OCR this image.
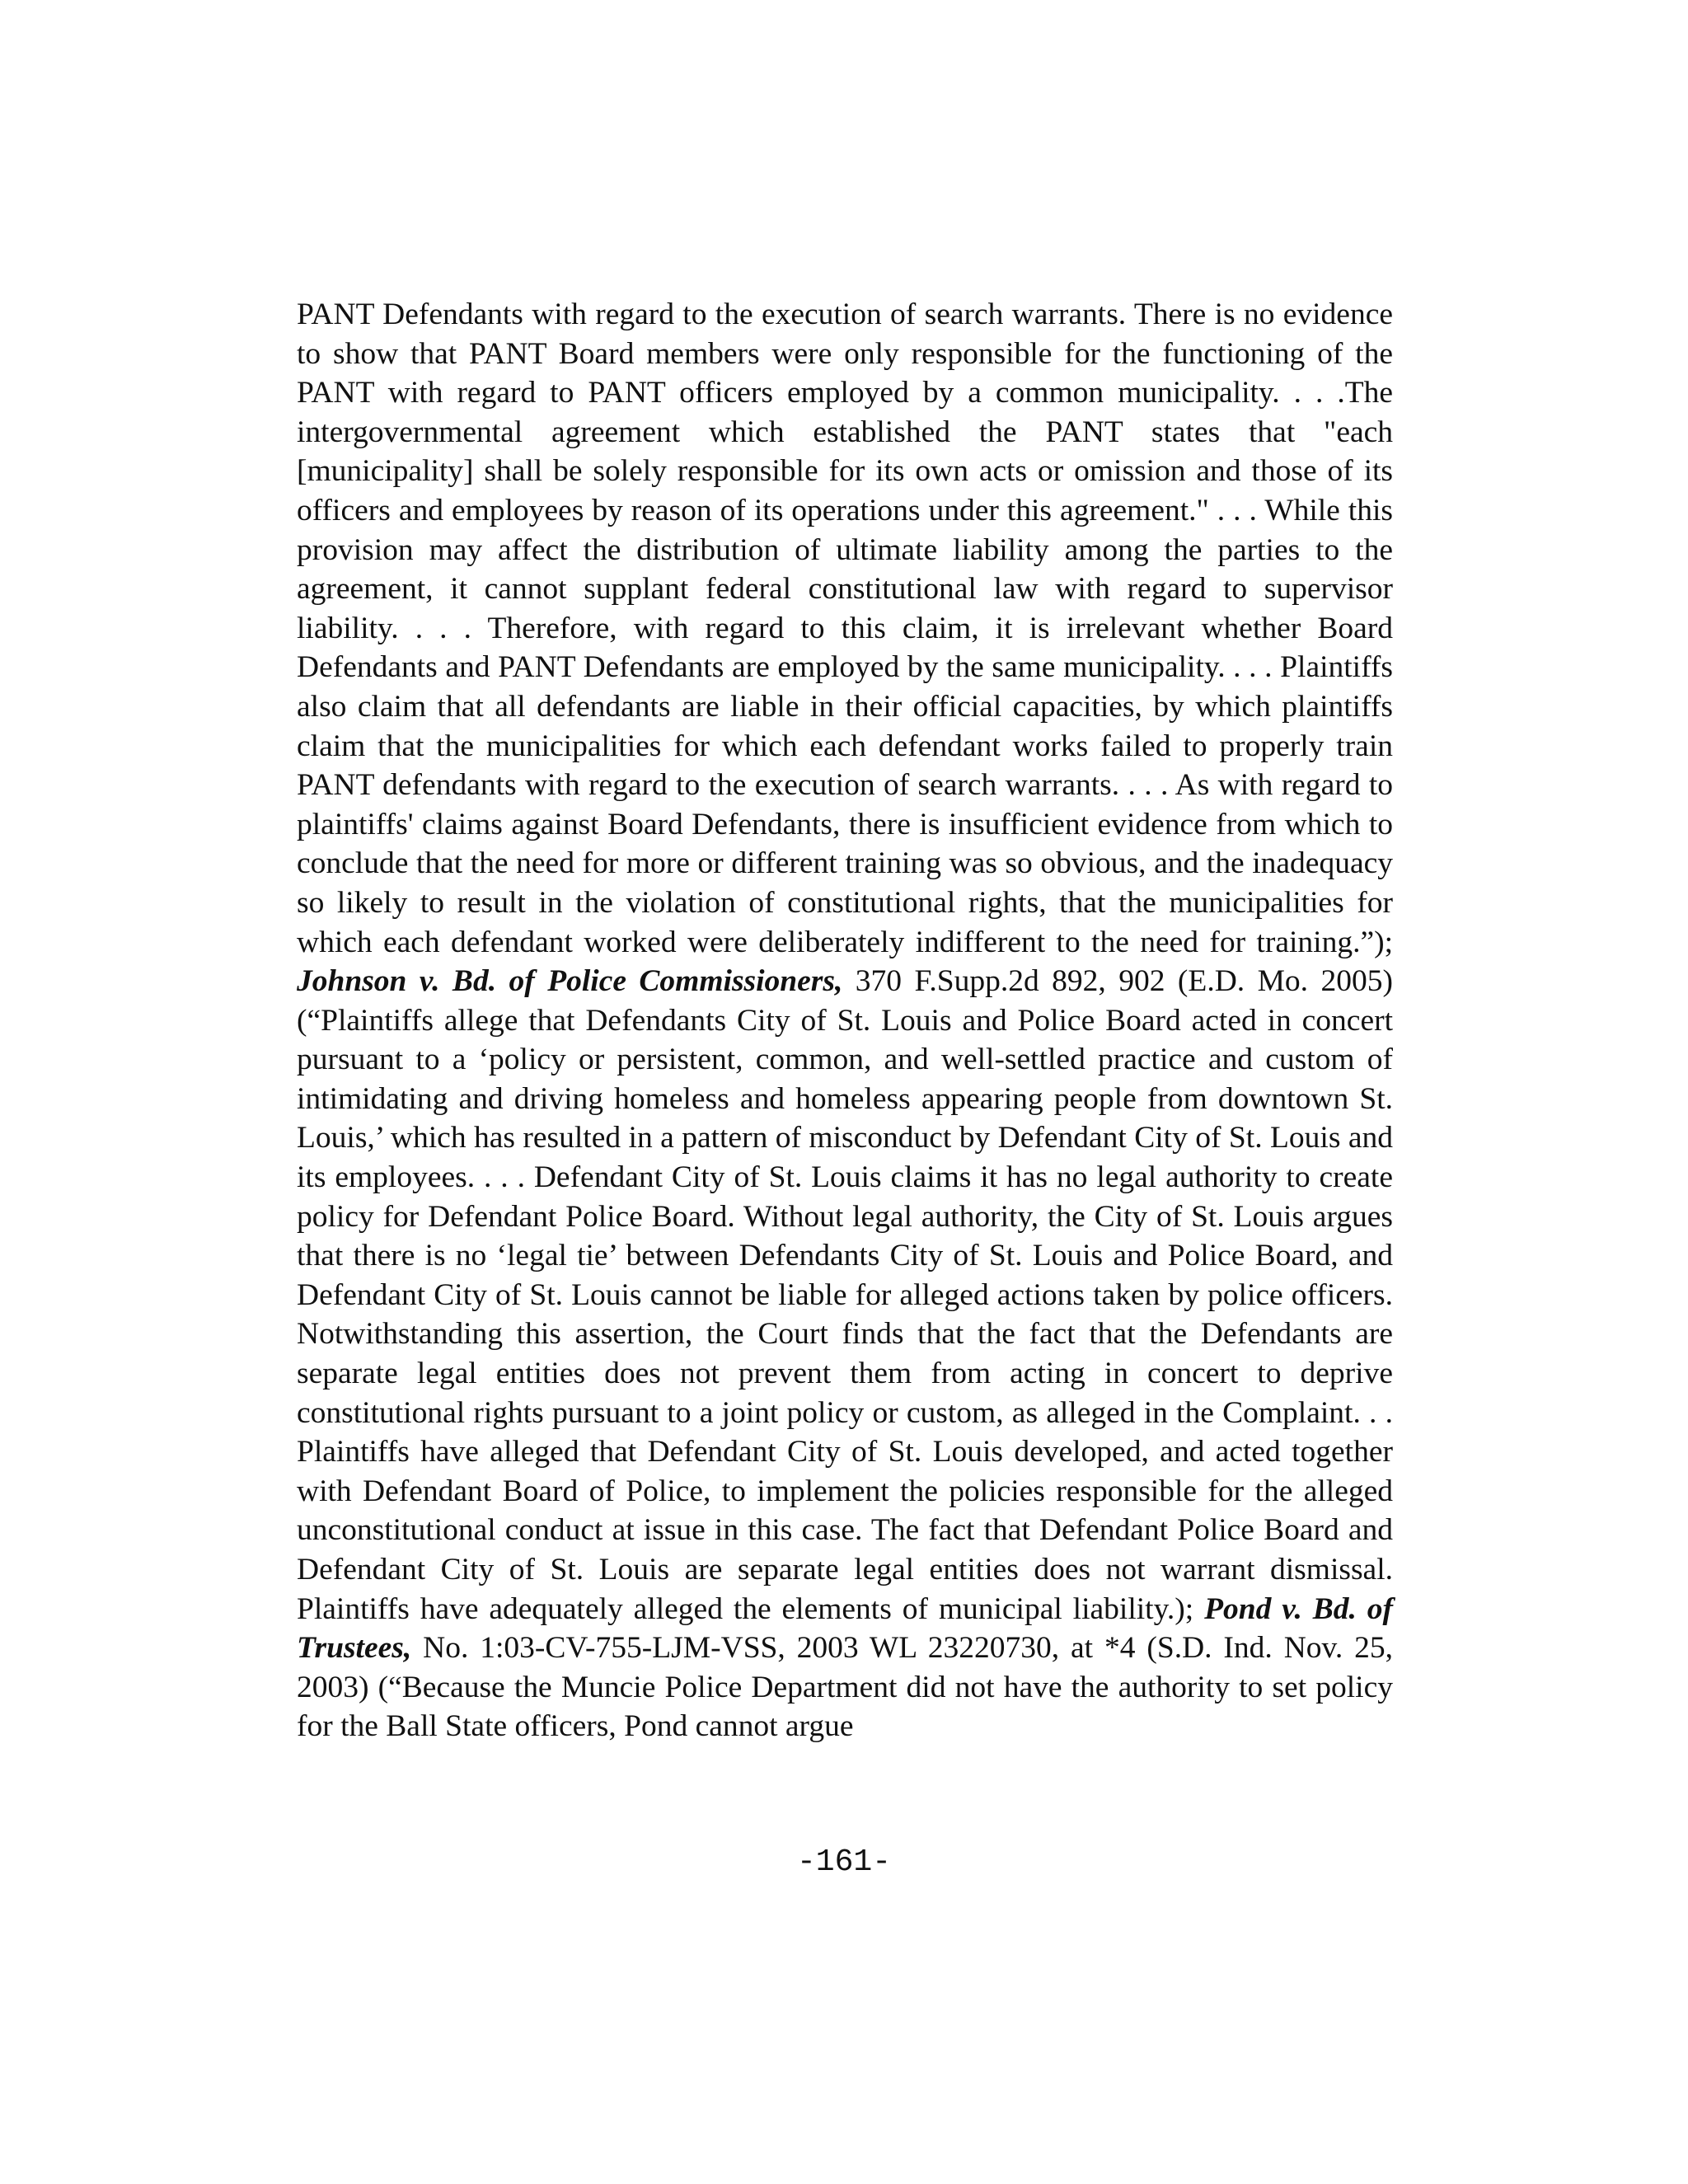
PANT Defendants with regard to the execution of search warrants. There is no evidence to show that PANT Board members were only responsible for the functioning of the PANT with regard to PANT officers employed by a common municipality. . . .The intergovernmental agreement which established the PANT states that "each [municipality] shall be solely responsible for its own acts or omission and those of its officers and employees by reason of its operations under this agreement." . . . While this provision may affect the distribution of ultimate liability among the parties to the agreement, it cannot supplant federal constitutional law with regard to supervisor liability. . . . Therefore, with regard to this claim, it is irrelevant whether Board Defendants and PANT Defendants are employed by the same municipality. . . . Plaintiffs also claim that all defendants are liable in their official capacities, by which plaintiffs claim that the municipalities for which each defendant works failed to properly train PANT defendants with regard to the execution of search warrants. . . . As with regard to plaintiffs' claims against Board Defendants, there is insufficient evidence from which to conclude that the need for more or different training was so obvious, and the inadequacy so likely to result in the violation of constitutional rights, that the municipalities for which each defendant worked were deliberately indifferent to the need for training.”); Johnson v. Bd. of Police Commissioners, 370 F.Supp.2d 892, 902 (E.D. Mo. 2005) (“Plaintiffs allege that Defendants City of St. Louis and Police Board acted in concert pursuant to a ‘policy or persistent, common, and well-settled practice and custom of intimidating and driving homeless and homeless appearing people from downtown St. Louis,’ which has resulted in a pattern of misconduct by Defendant City of St. Louis and its employees. . . . Defendant City of St. Louis claims it has no legal authority to create policy for Defendant Police Board. Without legal authority, the City of St. Louis argues that there is no ‘legal tie’ between Defendants City of St. Louis and Police Board, and Defendant City of St. Louis cannot be liable for alleged actions taken by police officers. Notwithstanding this assertion, the Court finds that the fact that the Defendants are separate legal entities does not prevent them from acting in concert to deprive constitutional rights pursuant to a joint policy or custom, as alleged in the Complaint. . . Plaintiffs have alleged that Defendant City of St. Louis developed, and acted together with Defendant Board of Police, to implement the policies responsible for the alleged unconstitutional conduct at issue in this case. The fact that Defendant Police Board and Defendant City of St. Louis are separate legal entities does not warrant dismissal. Plaintiffs have adequately alleged the elements of municipal liability.); Pond v. Bd. of Trustees, No. 1:03-CV-755-LJM-VSS, 2003 WL 23220730, at *4 (S.D. Ind. Nov. 25, 2003) (“Because the Muncie Police Department did not have the authority to set policy for the Ball State officers, Pond cannot argue

-161-
